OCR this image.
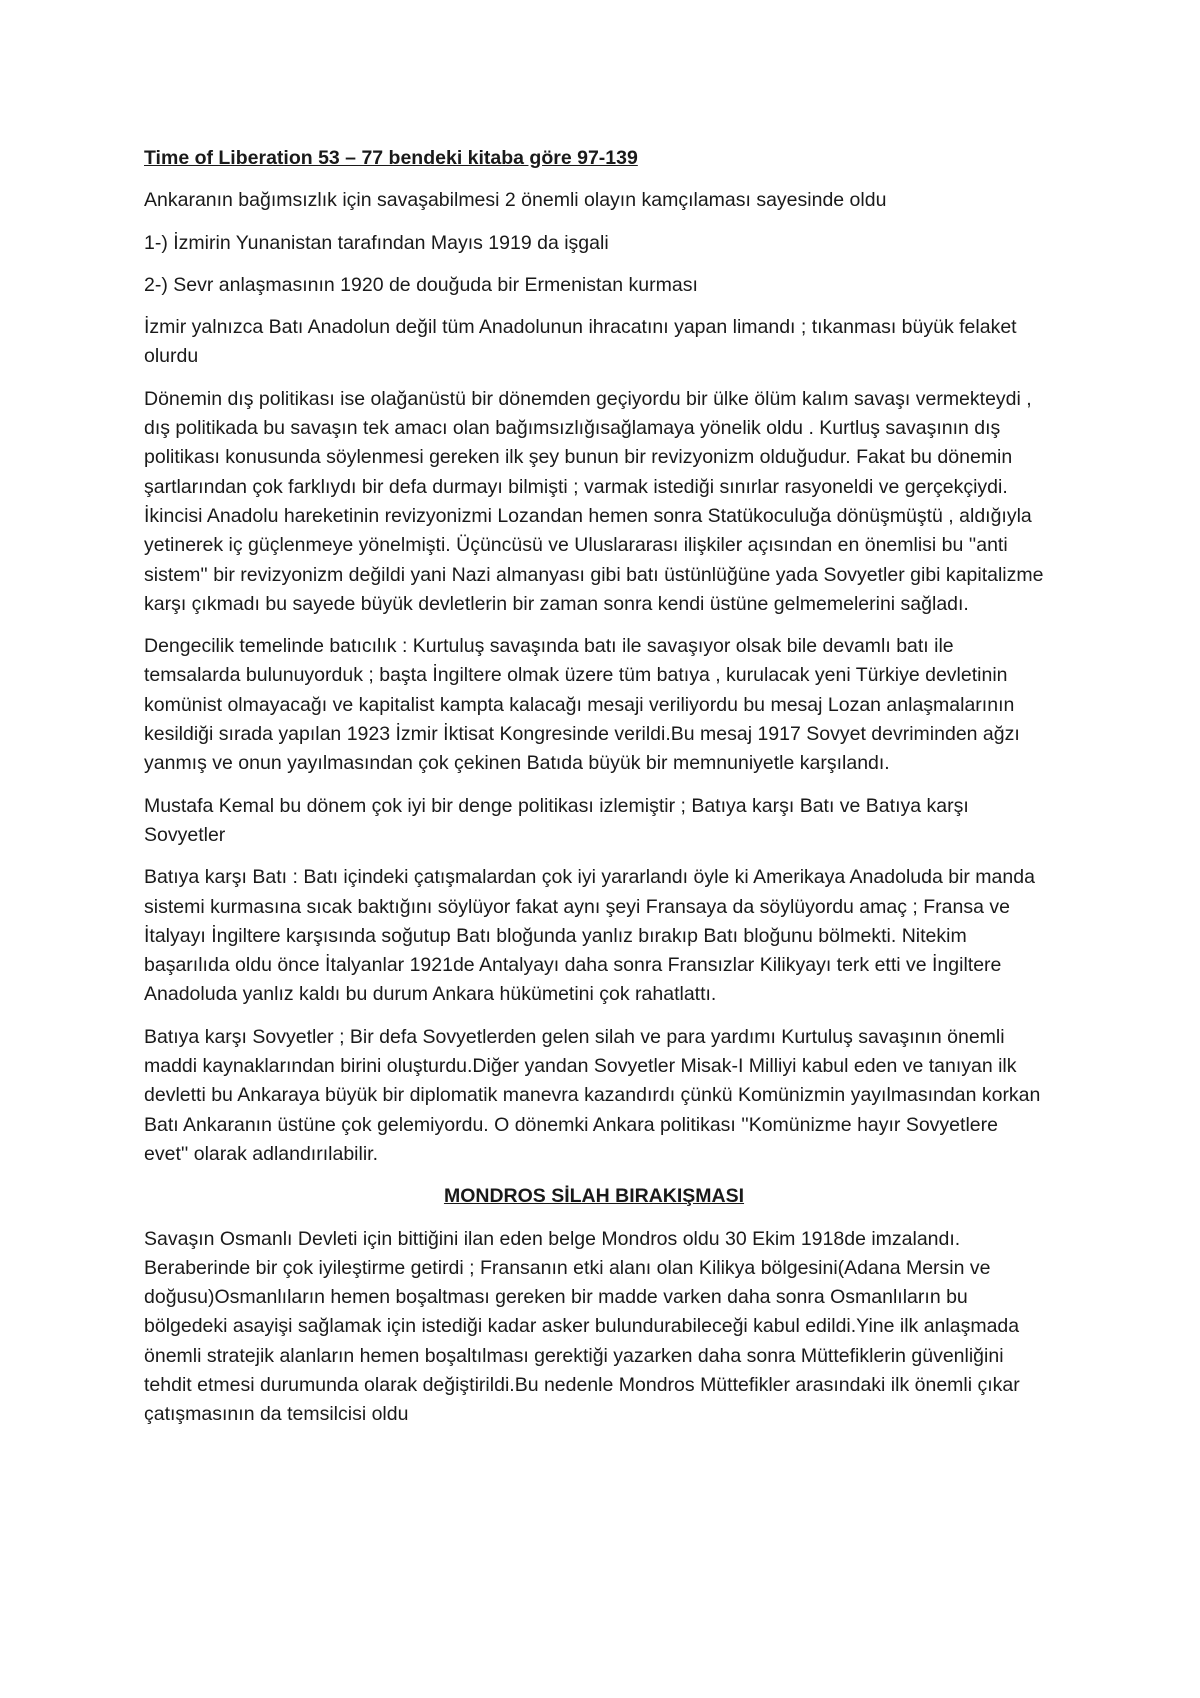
Time of Liberation 53 – 77 bendeki kitaba göre 97-139

Ankaranın bağımsızlık için savaşabilmesi 2 önemli olayın kamçılaması sayesinde oldu

1-) İzmirin Yunanistan tarafından Mayıs 1919 da işgali

2-) Sevr anlaşmasının 1920 de douğuda bir Ermenistan kurması

İzmir yalnızca Batı Anadolun değil tüm Anadolunun ihracatını yapan limandı ; tıkanması büyük felaket olurdu

Dönemin dış politikası ise olağanüstü bir dönemden geçiyordu bir ülke ölüm kalım savaşı vermekteydi , dış politikada bu savaşın tek amacı olan bağımsızlığısağlamaya yönelik oldu . Kurtluş savaşının dış politikası konusunda söylenmesi gereken ilk şey bunun bir revizyonizm olduğudur. Fakat bu dönemin şartlarından çok farklıydı bir defa durmayı bilmişti ; varmak istediği sınırlar rasyoneldi ve gerçekçiydi. İkincisi Anadolu hareketinin revizyonizmi Lozandan hemen sonra Statükoculuğa dönüşmüştü , aldığıyla yetinerek iç güçlenmeye yönelmişti. Üçüncüsü ve Uluslararası ilişkiler açısından en önemlisi bu ''anti sistem'' bir revizyonizm değildi yani Nazi almanyası gibi batı üstünlüğüne yada Sovyetler gibi kapitalizme karşı çıkmadı bu sayede büyük devletlerin bir zaman sonra kendi üstüne gelmemelerini sağladı.

Dengecilik temelinde batıcılık : Kurtuluş savaşında batı ile savaşıyor olsak bile devamlı batı ile temsalarda bulunuyorduk ; başta İngiltere olmak üzere tüm batıya , kurulacak yeni Türkiye devletinin komünist olmayacağı ve kapitalist kampta kalacağı mesaji veriliyordu bu mesaj Lozan anlaşmalarının kesildiği sırada yapılan 1923 İzmir İktisat Kongresinde verildi.Bu mesaj 1917 Sovyet devriminden ağzı yanmış ve onun yayılmasından çok çekinen Batıda büyük bir memnuniyetle karşılandı.

Mustafa Kemal bu dönem çok iyi bir denge politikası izlemiştir ; Batıya karşı Batı ve Batıya karşı Sovyetler

Batıya karşı Batı : Batı içindeki çatışmalardan çok iyi yararlandı öyle ki Amerikaya Anadoluda bir manda sistemi kurmasına sıcak baktığını söylüyor fakat aynı şeyi Fransaya da söylüyordu amaç ; Fransa ve İtalyayı İngiltere karşısında soğutup Batı bloğunda yanlız bırakıp Batı bloğunu bölmekti. Nitekim başarılıda oldu önce İtalyanlar 1921de Antalyayı daha sonra Fransızlar Kilikyayı terk etti ve İngiltere Anadoluda yanlız kaldı bu durum Ankara hükümetini çok rahatlattı.

Batıya karşı Sovyetler ; Bir defa Sovyetlerden gelen silah ve para yardımı Kurtuluş savaşının önemli maddi kaynaklarından birini oluşturdu.Diğer yandan Sovyetler Misak-I Milliyi kabul eden ve tanıyan ilk devletti bu Ankaraya büyük bir diplomatik manevra kazandırdı çünkü Komünizmin yayılmasından korkan Batı Ankaranın üstüne çok gelemiyordu. O dönemki Ankara politikası ''Komünizme hayır Sovyetlere evet'' olarak adlandırılabilir.

MONDROS SİLAH BIRAKIŞMASI

Savaşın Osmanlı Devleti için bittiğini ilan eden belge Mondros oldu 30 Ekim 1918de imzalandı. Beraberinde bir çok iyileştirme getirdi ; Fransanın etki alanı olan Kilikya bölgesini(Adana Mersin ve doğusu)Osmanlıların hemen boşaltması gereken bir madde varken daha sonra Osmanlıların bu bölgedeki asayişi sağlamak için istediği kadar asker bulundurabileceği kabul edildi.Yine ilk anlaşmada önemli stratejik alanların hemen boşaltılması gerektiği yazarken daha sonra Müttefiklerin güvenliğini tehdit etmesi durumunda olarak değiştirildi.Bu nedenle Mondros Müttefikler arasındaki ilk önemli çıkar çatışmasının da temsilcisi oldu
